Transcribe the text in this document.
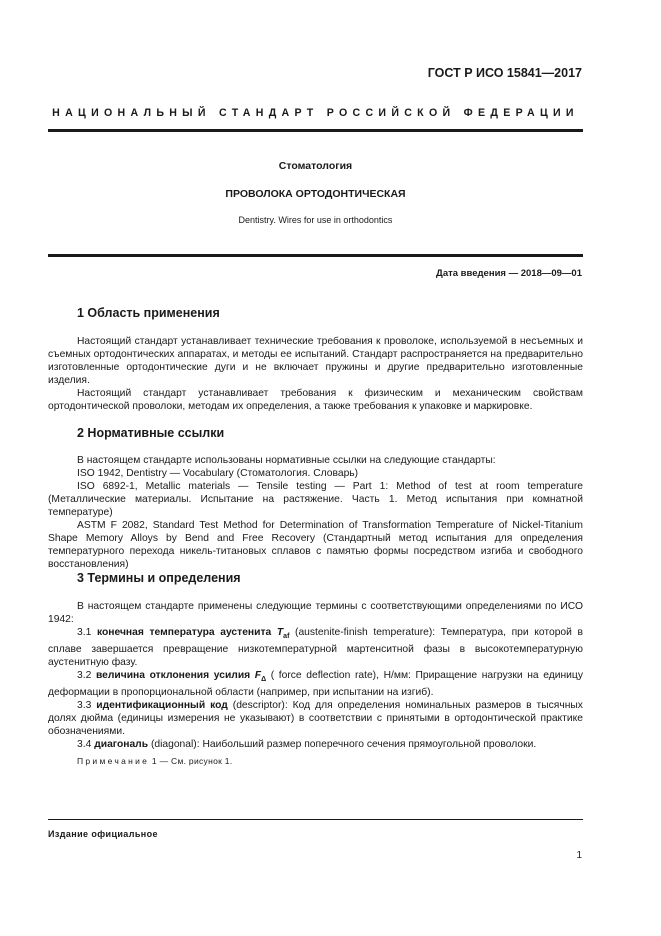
ГОСТ Р ИСО 15841—2017
НАЦИОНАЛЬНЫЙ СТАНДАРТ РОССИЙСКОЙ ФЕДЕРАЦИИ
Стоматология
ПРОВОЛОКА ОРТОДОНТИЧЕСКАЯ
Dentistry. Wires for use in orthodontics
Дата введения — 2018—09—01
1 Область применения

Настоящий стандарт устанавливает технические требования к проволоке, используемой в несъемных и съемных ортодонтических аппаратах, и методы ее испытаний. Стандарт распространяется на предварительно изготовленные ортодонтические дуги и не включает пружины и другие предварительно изготовленные изделия.

Настоящий стандарт устанавливает требования к физическим и механическим свойствам ортодонтической проволоки, методам их определения, а также требования к упаковке и маркировке.

2 Нормативные ссылки

В настоящем стандарте использованы нормативные ссылки на следующие стандарты:

ISO 1942, Dentistry — Vocabulary (Стоматология. Словарь)

ISO 6892-1, Metallic materials — Tensile testing — Part 1: Method of test at room temperature (Металлические материалы. Испытание на растяжение. Часть 1. Метод испытания при комнатной температуре)

ASTM F 2082, Standard Test Method for Determination of Transformation Temperature of Nickel-Titanium Shape Memory Alloys by Bend and Free Recovery (Стандартный метод испытания для определения температурного перехода никель-титановых сплавов с памятью формы посредством изгиба и свободного восстановления)

3 Термины и определения

В настоящем стандарте применены следующие термины с соответствующими определениями по ИСО 1942:

3.1 конечная температура аустенита $T_{af}$ (austenite-finish temperature): Температура, при которой в сплаве завершается превращение низкотемпературной мартенситной фазы в высокотемпературную аустенитную фазу.

3.2 величина отклонения усилия $F_\Delta$ ( force deflection rate), Н/мм: Приращение нагрузки на единицу деформации в пропорциональной области (например, при испытании на изгиб).

3.3 идентификационный код (descriptor): Код для определения номинальных размеров в тысячных долях дюйма (единицы измерения не указывают) в соответствии с принятыми в ортодонтической практике обозначениями.

3.4 диагональ (diagonal): Наибольший размер поперечного сечения прямоугольной проволоки.

Примечание 1 — См. рисунок 1.

Издание официальное
1
